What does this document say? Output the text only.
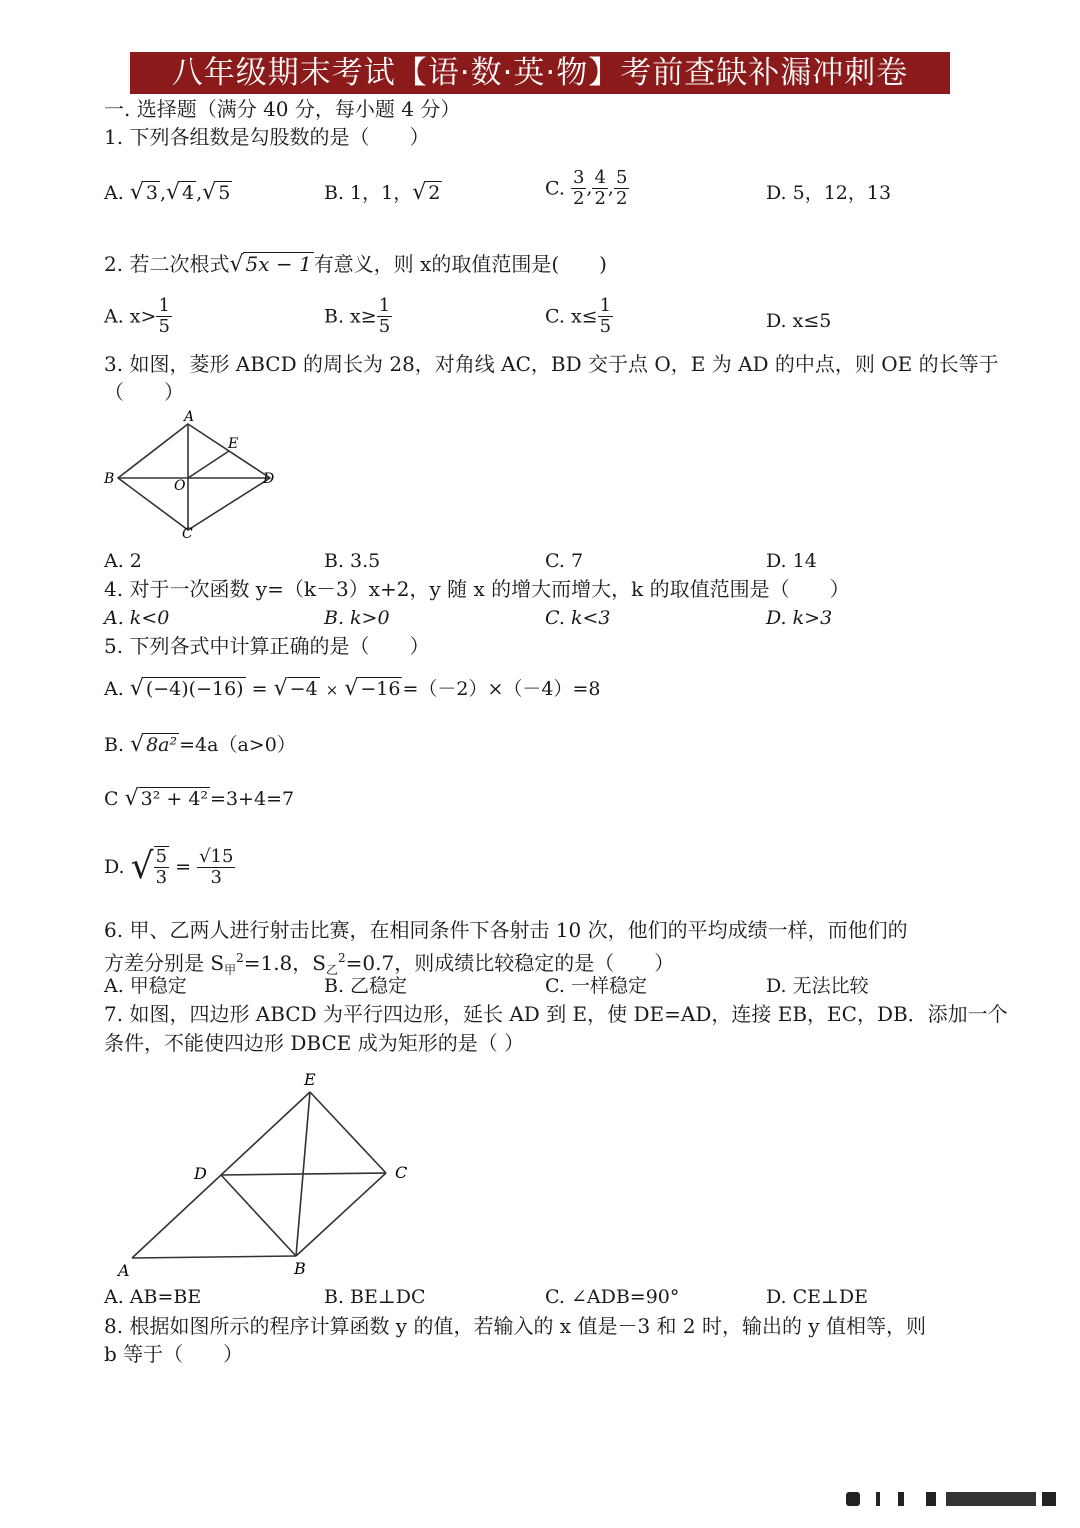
八年级期末考试【语·数·英·物】考前查缺补漏冲刺卷
一. 选择题（满分 40 分，每小题 4 分）
1. 下列各组数是勾股数的是（　　）
A. √ 3 ,√ 4 ,√ 5	B. 1，1，√ 2	C. $\frac{3}{2}$ , $\frac{4}{2}$ , $\frac{5}{2}$	D. 5，12，13
2. 若二次根式√ 5x − 1 有意义，则 x的取值范围是(　　)
A. $x> \frac{1}{5}$	B. $x\ge \frac{1}{5}$	C. $x\le \frac{1}{5}$	D. x≤5
3. 如图，菱形 ABCD 的周长为 28，对角线 AC，BD 交于点 O，E 为 AD 的中点，则 OE 的长等于
（　　）
A
B	D
C
O
E
A. 2	B. 3.5	C. 7	D. 14
4. 对于一次函数 y=（k－3）x+2，y 随 x 的增大而增大，k 的取值范围是（　　）
A. k<0	B. k>0	C. k<3	D. k>3
5. 下列各式中计算正确的是（　　）
A. √ (−4)(−16) = √ −4 × √ −16 =（－2）×（－4）=8
B. √ 8a² =4a（a>0）
C √ 3² + 4² =3+4=7
D. √ $\frac{5}{3} = \frac{√15}{3}$
6. 甲、乙两人进行射击比赛，在相同条件下各射击 10 次，他们的平均成绩一样，而他们的
方差分别是 $S_甲^2=1.8$，$S_乙^2=0.7$，则成绩比较稳定的是（　　）
A. 甲稳定	B. 乙稳定	C. 一样稳定	D. 无法比较
7. 如图，四边形 ABCD 为平行四边形，延长 AD 到 E，使 DE=AD，连接 EB，EC，DB．添加一个
条件，不能使四边形 DBCE 成为矩形的是（ ）
E
D	C
A	B
A. AB=BE	B. BE⊥DC	C. ∠ADB=90°	D. CE⊥DE
8. 根据如图所示的程序计算函数 y 的值，若输入的 x 值是－3 和 2 时，输出的 y 值相等，则
b 等于（　　）
